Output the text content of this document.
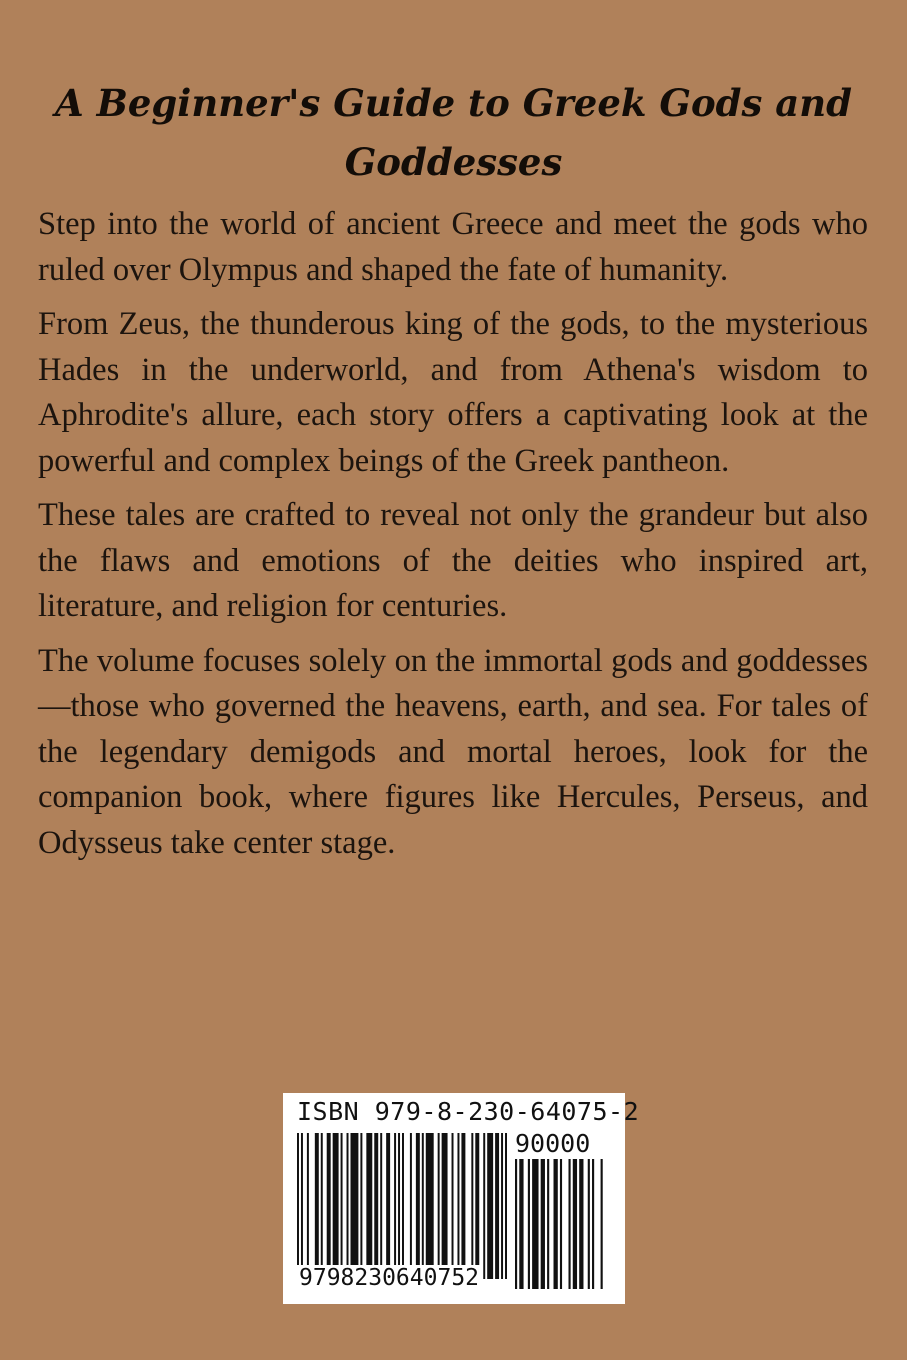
A Beginner's Guide to Greek Gods and Goddesses

Step into the world of ancient Greece and meet the gods who ruled over Olympus and shaped the fate of humanity.

From Zeus, the thunderous king of the gods, to the mysterious Hades in the underworld, and from Athena's wisdom to Aphrodite's allure, each story offers a captivating look at the powerful and complex beings of the Greek pantheon.

These tales are crafted to reveal not only the grandeur but also the flaws and emotions of the deities who inspired art, literature, and religion for centuries.

The volume focuses solely on the immortal gods and goddesses—those who governed the heavens, earth, and sea. For tales of the legendary demigods and mortal heroes, look for the companion book, where figures like Hercules, Perseus, and Odysseus take center stage.

ISBN 979-8-230-64075-2
90000
9798230640752
